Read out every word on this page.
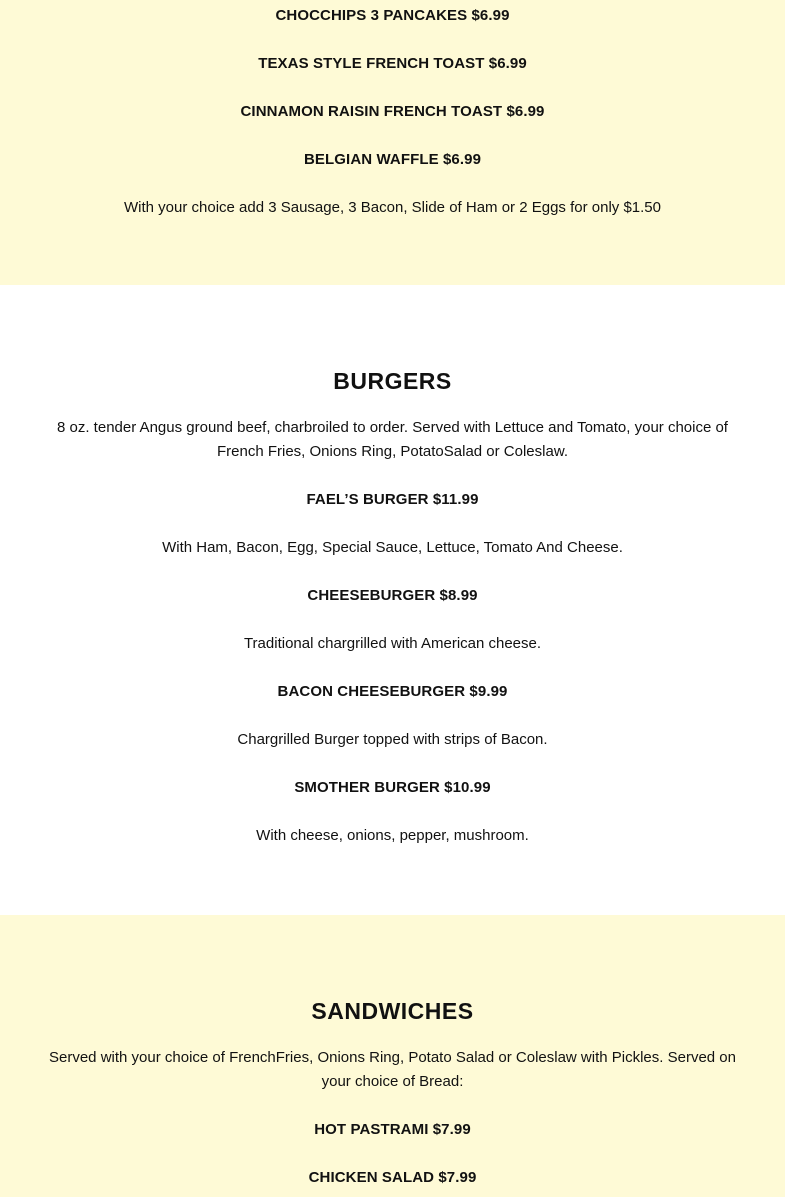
CHOCCHIPS 3 PANCAKES $6.99

TEXAS STYLE FRENCH TOAST $6.99

CINNAMON RAISIN FRENCH TOAST $6.99

BELGIAN WAFFLE $6.99

With your choice add 3 Sausage, 3 Bacon, Slide of Ham or 2 Eggs for only $1.50

BURGERS

8 oz. tender Angus ground beef, charbroiled to order. Served with Lettuce and Tomato, your choice of French Fries, Onions Ring, PotatoSalad or Coleslaw.

FAEL’S BURGER $11.99

With Ham, Bacon, Egg, Special Sauce, Lettuce, Tomato And Cheese.

CHEESEBURGER $8.99

Traditional chargrilled with American cheese.

BACON CHEESEBURGER $9.99

Chargrilled Burger topped with strips of Bacon.

SMOTHER BURGER $10.99

With cheese, onions, pepper, mushroom.

SANDWICHES

Served with your choice of FrenchFries, Onions Ring, Potato Salad or Coleslaw with Pickles. Served on your choice of Bread:

HOT PASTRAMI $7.99

CHICKEN SALAD $7.99
